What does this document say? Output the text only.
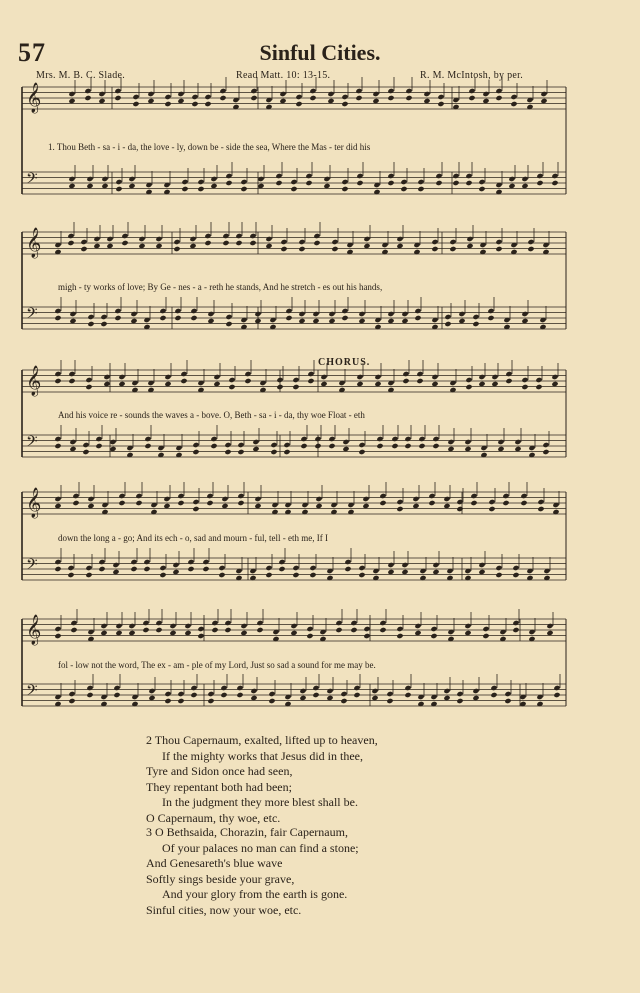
57	Sinful Cities.
Mrs. M. B. C. Slade.	Read Matt. 10: 13-15.	R. M. McIntosh, by per.
𝄞
𝄢
𝄞
𝄢
𝄞
𝄢
𝄞
𝄢
𝄞
𝄢
CHORUS.
1. Thou Beth - sa - i - da, the love - ly, down be - side the sea, Where the Mas - ter did his
migh - ty works of love; By Ge - nes - a - reth he stands, And he stretch - es out his hands,
And his voice re - sounds the waves a - bove. O, Beth - sa - i - da, thy woe Float - eth
down the long a - go; And its ech - o, sad and mourn - ful, tell - eth me, If I
fol - low not the word, The ex - am - ple of my Lord, Just so sad a sound for me may be.
2 Thou Capernaum, exalted, lifted up to heaven,
If the mighty works that Jesus did in thee,
Tyre and Sidon once had seen,
They repentant both had been;
In the judgment they more blest shall be.
O Capernaum, thy woe, etc.
3 O Bethsaida, Chorazin, fair Capernaum,
Of your palaces no man can find a stone;
And Genesareth's blue wave
Softly sings beside your grave,
And your glory from the earth is gone.
Sinful cities, now your woe, etc.
